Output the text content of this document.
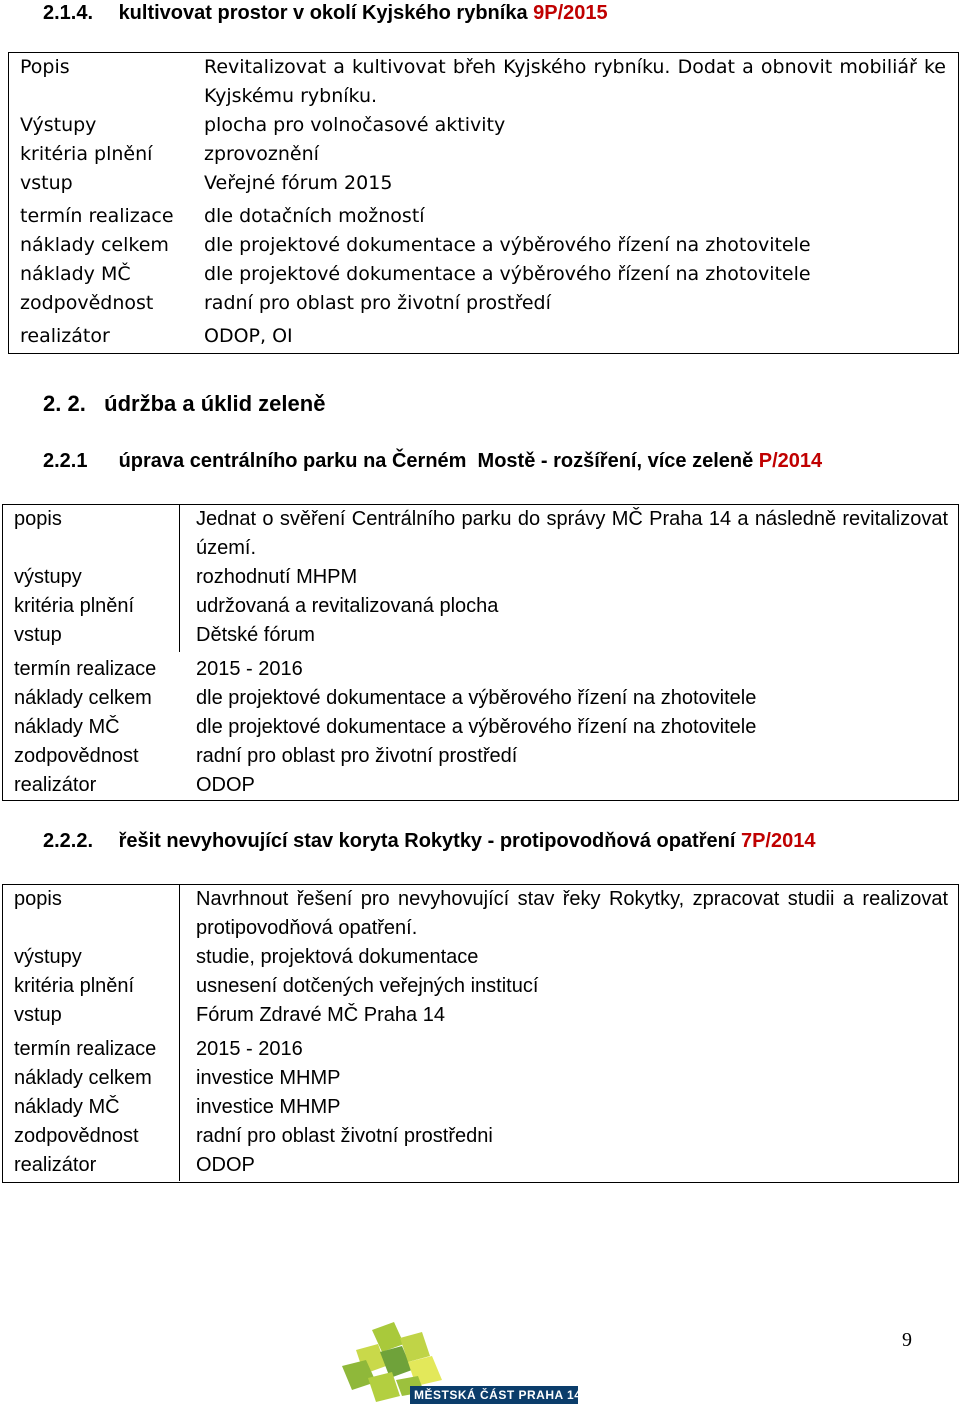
2.1.4. kultivovat prostor v okolí Kyjského rybníka 9P/2015
Popis	Revitalizovat a kultivovat břeh Kyjského rybníku. Dodat a obnovit mobiliář ke Kyjskému rybníku.
Výstupy	plocha pro volnočasové aktivity
kritéria plnění	zprovoznění
vstup	Veřejné fórum 2015

termín realizace	dle dotačních možností
náklady celkem	dle projektové dokumentace a výběrového řízení na zhotovitele
náklady MČ	dle projektové dokumentace a výběrového řízení na zhotovitele
zodpovědnost	radní pro oblast pro životní prostředí

realizátor	ODOP, OI
2. 2.   údržba a úklid zeleně
2.2.1 úprava centrálního parku na Černém  Mostě - rozšíření, více zeleně P/2014
popis	Jednat o svěření Centrálního parku do správy MČ Praha 14 a následně revitalizovat území.
výstupy	rozhodnutí MHPM
kritéria plnění	udržovaná a revitalizovaná plocha
vstup	Dětské fórum

termín realizace	2015 - 2016
náklady celkem	dle projektové dokumentace a výběrového řízení na zhotovitele
náklady MČ	dle projektové dokumentace a výběrového řízení na zhotovitele
zodpovědnost	radní pro oblast pro životní prostředí
realizátor	ODOP
2.2.2. řešit nevyhovující stav koryta Rokytky - protipovodňová opatření 7P/2014
popis	Navrhnout řešení pro nevyhovující stav řeky Rokytky, zpracovat studii a realizovat protipovodňová opatření.
výstupy	studie, projektová dokumentace
kritéria plnění	usnesení dotčených veřejných institucí
vstup	Fórum Zdravé MČ Praha 14

termín realizace	2015 - 2016
náklady celkem	investice MHMP
náklady MČ	investice MHMP
zodpovědnost	radní pro oblast životní prostředni
realizátor	ODOP
MĚSTSKÁ ČÁST PRAHA 14
9
